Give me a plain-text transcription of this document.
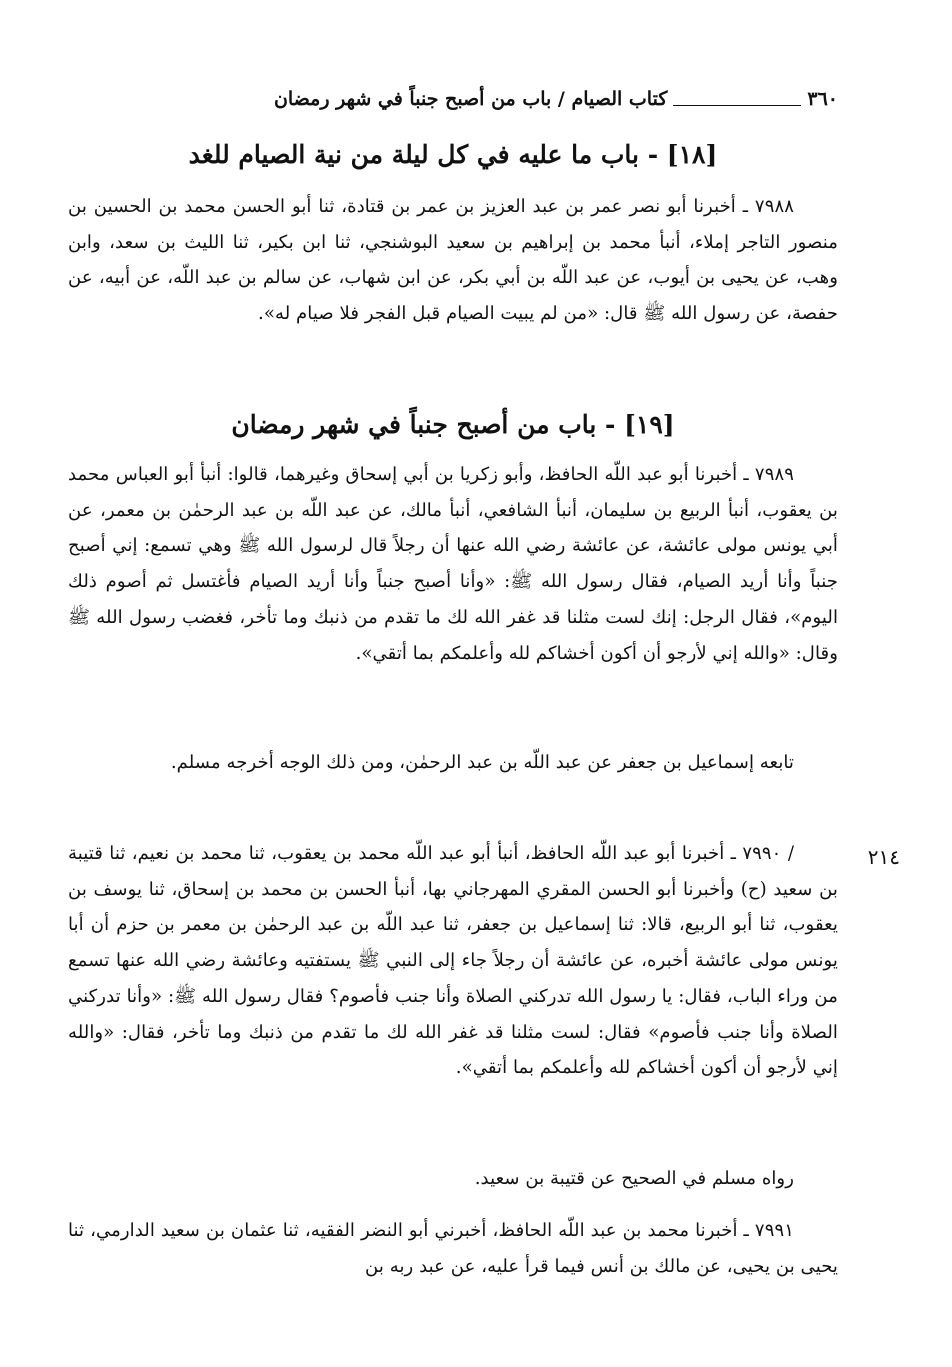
٣٦٠
كتاب الصيام / باب من أصبح جنباً في شهر رمضان
[١٨] - باب ما عليه في كل ليلة من نية الصيام للغد

٧٩٨٨ ـ أخبرنا أبو نصر عمر بن عبد العزيز بن عمر بن قتادة، ثنا أبو الحسن محمد بن الحسين بن منصور التاجر إملاء، أنبأ محمد بن إبراهيم بن سعيد البوشنجي، ثنا ابن بكير، ثنا الليث بن سعد، وابن وهب، عن يحيى بن أيوب، عن عبد اللّه بن أبي بكر، عن ابن شهاب، عن سالم بن عبد اللّه، عن أبيه، عن حفصة، عن رسول الله ﷺ قال: «من لم يبيت الصيام قبل الفجر فلا صيام له».

[١٩] - باب من أصبح جنباً في شهر رمضان

٧٩٨٩ ـ أخبرنا أبو عبد اللّه الحافظ، وأبو زكريا بن أبي إسحاق وغيرهما، قالوا: أنبأ أبو العباس محمد بن يعقوب، أنبأ الربيع بن سليمان، أنبأ الشافعي، أنبأ مالك، عن عبد اللّه بن عبد الرحمٰن بن معمر، عن أبي يونس مولى عائشة، عن عائشة رضي الله عنها أن رجلاً قال لرسول الله ﷺ وهي تسمع: إني أصبح جنباً وأنا أريد الصيام، فقال رسول الله ﷺ: «وأنا أصبح جنباً وأنا أريد الصيام فأغتسل ثم أصوم ذلك اليوم»، فقال الرجل: إنك لست مثلنا قد غفر الله لك ما تقدم من ذنبك وما تأخر، فغضب رسول الله ﷺ وقال: «والله إني لأرجو أن أكون أخشاكم لله وأعلمكم بما أتقي».

تابعه إسماعيل بن جعفر عن عبد اللّه بن عبد الرحمٰن، ومن ذلك الوجه أخرجه مسلم.

٢١٤

/ ٧٩٩٠ ـ أخبرنا أبو عبد اللّه الحافظ، أنبأ أبو عبد اللّه محمد بن يعقوب، ثنا محمد بن نعيم، ثنا قتيبة بن سعيد (ح) وأخبرنا أبو الحسن المقري المهرجاني بها، أنبأ الحسن بن محمد بن إسحاق، ثنا يوسف بن يعقوب، ثنا أبو الربيع، قالا: ثنا إسماعيل بن جعفر، ثنا عبد اللّه بن عبد الرحمٰن بن معمر بن حزم أن أبا يونس مولى عائشة أخبره، عن عائشة أن رجلاً جاء إلى النبي ﷺ يستفتيه وعائشة رضي الله عنها تسمع من وراء الباب، فقال: يا رسول الله تدركني الصلاة وأنا جنب فأصوم؟ فقال رسول الله ﷺ: «وأنا تدركني الصلاة وأنا جنب فأصوم» فقال: لست مثلنا قد غفر الله لك ما تقدم من ذنبك وما تأخر، فقال: «والله إني لأرجو أن أكون أخشاكم لله وأعلمكم بما أتقي».

رواه مسلم في الصحيح عن قتيبة بن سعيد.

٧٩٩١ ـ أخبرنا محمد بن عبد اللّه الحافظ، أخبرني أبو النضر الفقيه، ثنا عثمان بن سعيد الدارمي، ثنا يحيى بن يحيى، عن مالك بن أنس فيما قرأ عليه، عن عبد ربه بن
